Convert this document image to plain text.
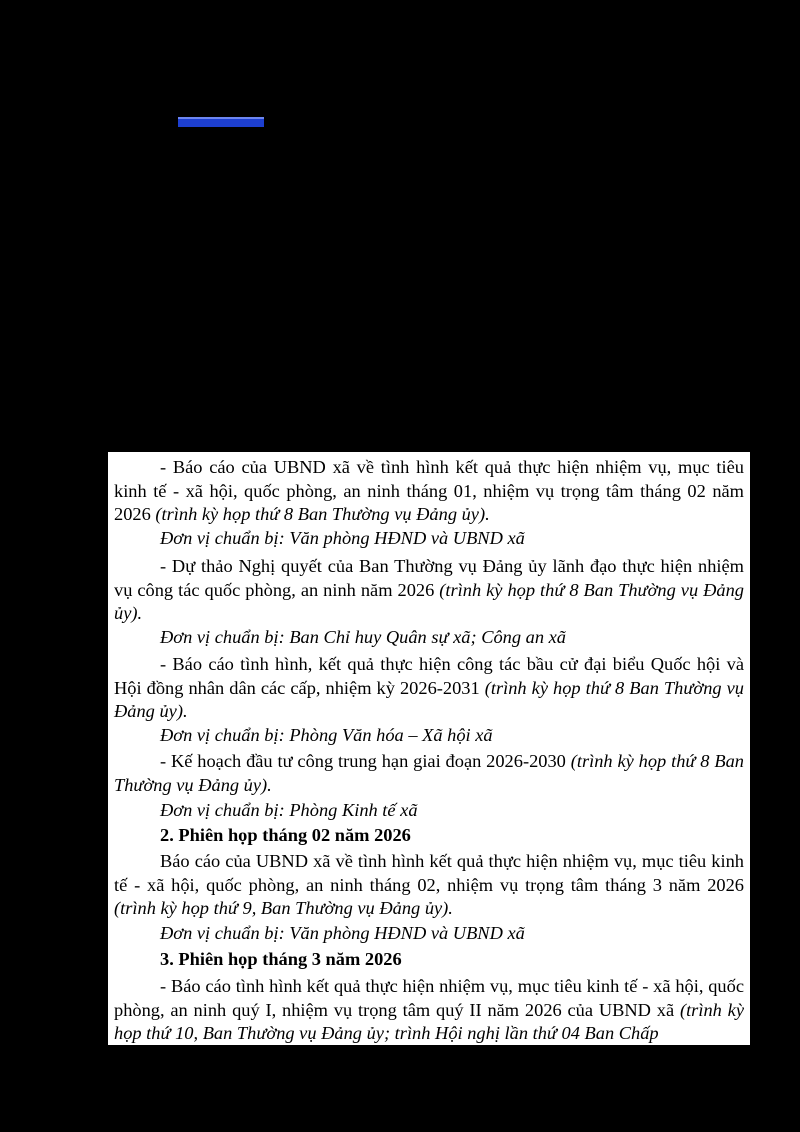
- Báo cáo của UBND xã về tình hình kết quả thực hiện nhiệm vụ, mục tiêu kinh tế - xã hội, quốc phòng, an ninh tháng 01, nhiệm vụ trọng tâm tháng 02 năm 2026 (trình kỳ họp thứ 8 Ban Thường vụ Đảng ủy).

Đơn vị chuẩn bị: Văn phòng HĐND và UBND xã

- Dự thảo Nghị quyết của Ban Thường vụ Đảng ủy lãnh đạo thực hiện nhiệm vụ công tác quốc phòng, an ninh năm 2026 (trình kỳ họp thứ 8 Ban Thường vụ Đảng ủy).

Đơn vị chuẩn bị: Ban Chỉ huy Quân sự xã; Công an xã

- Báo cáo tình hình, kết quả thực hiện công tác bầu cử đại biểu Quốc hội và Hội đồng nhân dân các cấp, nhiệm kỳ 2026-2031 (trình kỳ họp thứ 8 Ban Thường vụ Đảng ủy).

Đơn vị chuẩn bị: Phòng Văn hóa – Xã hội xã

- Kế hoạch đầu tư công trung hạn giai đoạn 2026-2030 (trình kỳ họp thứ 8 Ban Thường vụ Đảng ủy).

Đơn vị chuẩn bị: Phòng Kinh tế xã

2. Phiên họp tháng 02 năm 2026

Báo cáo của UBND xã về tình hình kết quả thực hiện nhiệm vụ, mục tiêu kinh tế - xã hội, quốc phòng, an ninh tháng 02, nhiệm vụ trọng tâm tháng 3 năm 2026 (trình kỳ họp thứ 9, Ban Thường vụ Đảng ủy).

Đơn vị chuẩn bị: Văn phòng HĐND và UBND xã

3. Phiên họp tháng 3 năm 2026

- Báo cáo tình hình kết quả thực hiện nhiệm vụ, mục tiêu kinh tế - xã hội, quốc phòng, an ninh quý I, nhiệm vụ trọng tâm quý II năm 2026 của UBND xã (trình kỳ họp thứ 10, Ban Thường vụ Đảng ủy; trình Hội nghị lần thứ 04 Ban Chấp
